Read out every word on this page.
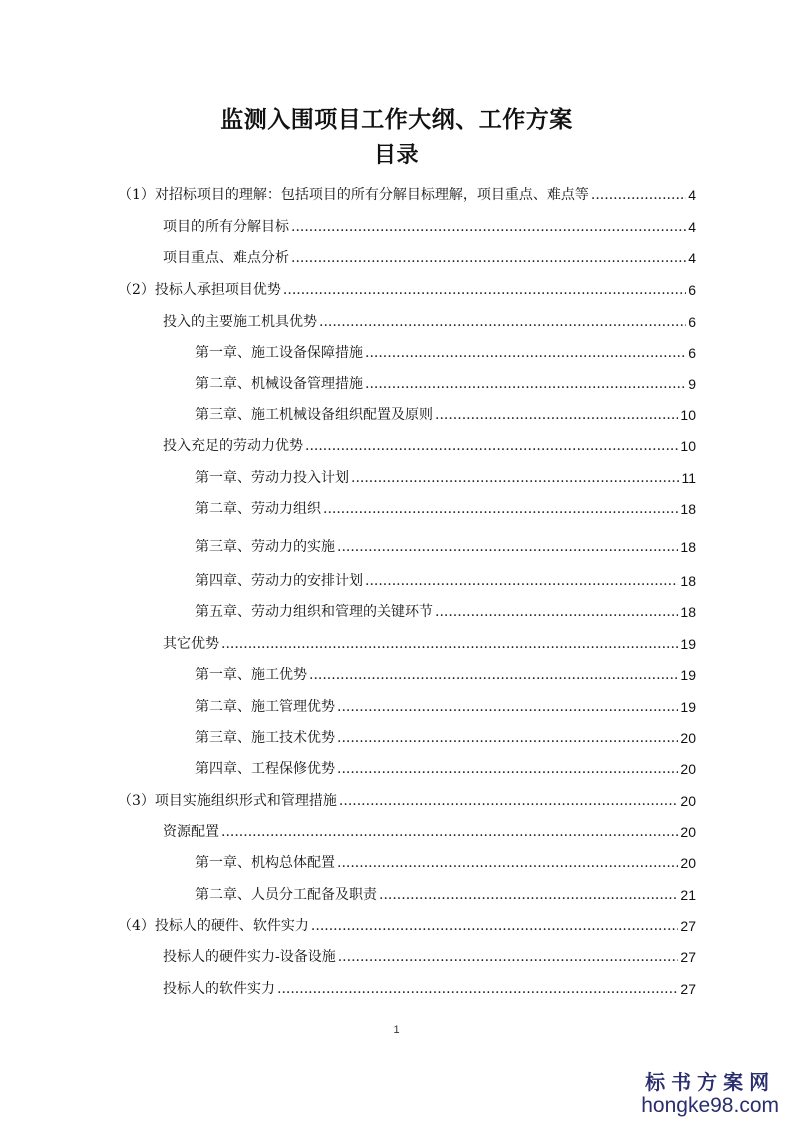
监测入围项目工作大纲、工作方案
目录
（1）对招标项目的理解：包括项目的所有分解目标理解，项目重点、难点等 .....	4
项目的所有分解目标 .....	4
项目重点、难点分析 .....	4
（2）投标人承担项目优势 .....	6
投入的主要施工机具优势 .....	6
第一章、施工设备保障措施 .....	6
第二章、机械设备管理措施 .....	9
第三章、施工机械设备组织配置及原则 .....	10
投入充足的劳动力优势 .....	10
第一章、劳动力投入计划 .....	11
第二章、劳动力组织 .....	18
第三章、劳动力的实施 .....	18
第四章、劳动力的安排计划 .....	18
第五章、劳动力组织和管理的关键环节 .....	18
其它优势 .....	19
第一章、施工优势 .....	19
第二章、施工管理优势 .....	19
第三章、施工技术优势 .....	20
第四章、工程保修优势 .....	20
（3）项目实施组织形式和管理措施 .....	20
资源配置 .....	20
第一章、机构总体配置 .....	20
第二章、人员分工配备及职责 .....	21
（4）投标人的硬件、软件实力 .....	27
投标人的硬件实力-设备设施 .....	27
投标人的软件实力 .....	27
1
标书方案网
hongke98.com
